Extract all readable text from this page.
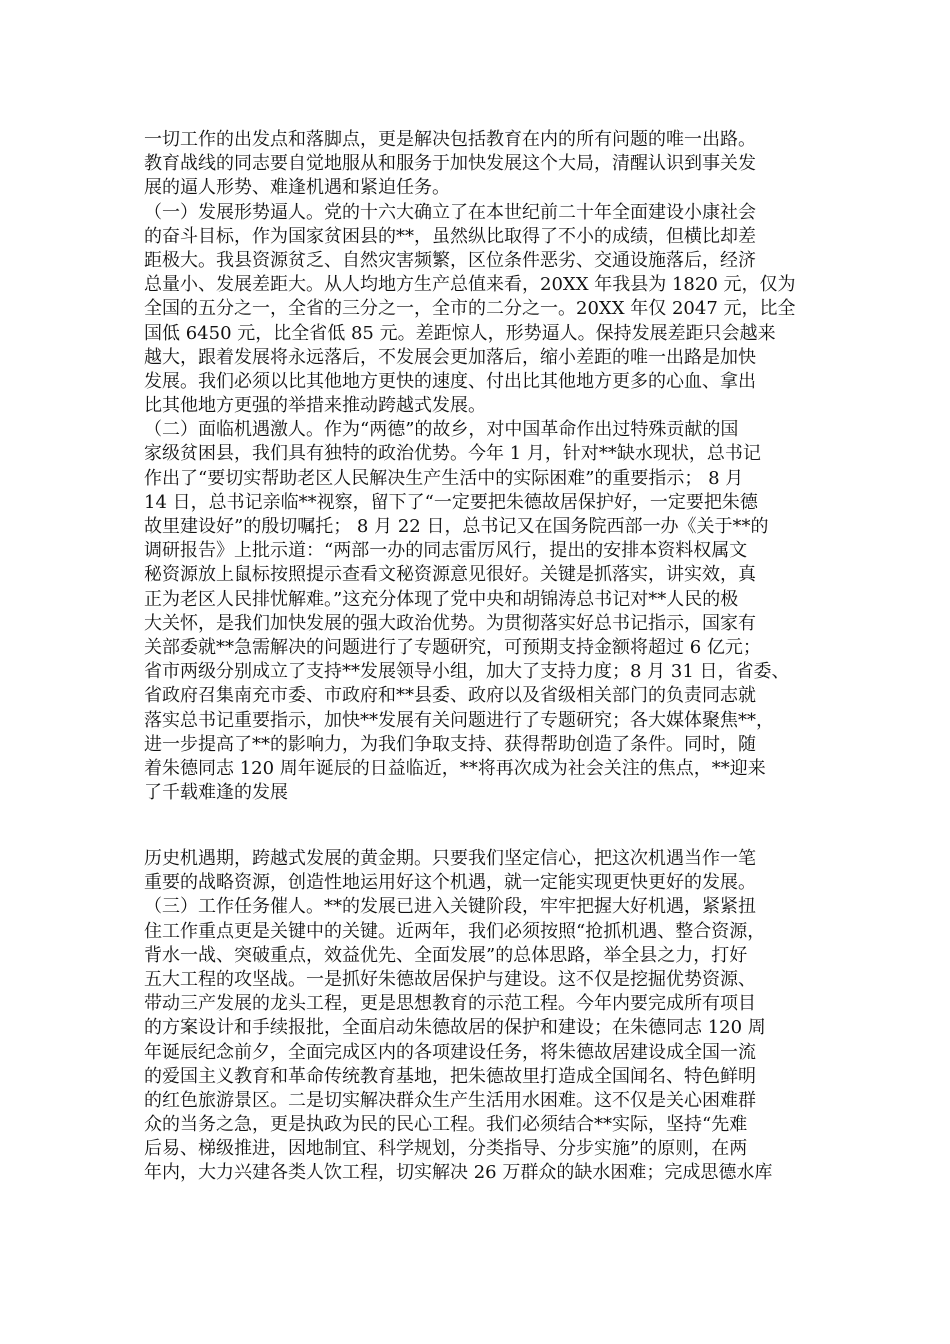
一切工作的出发点和落脚点，更是解决包括教育在内的所有问题的唯一出路。
教育战线的同志要自觉地服从和服务于加快发展这个大局，清醒认识到事关发
展的逼人形势、难逢机遇和紧迫任务。
（一）发展形势逼人。党的十六大确立了在本世纪前二十年全面建设小康社会
的奋斗目标，作为国家贫困县的**，虽然纵比取得了不小的成绩，但横比却差
距极大。我县资源贫乏、自然灾害频繁，区位条件恶劣、交通设施落后，经济
总量小、发展差距大。从人均地方生产总值来看，20XX 年我县为 1820 元，仅为
全国的五分之一，全省的三分之一，全市的二分之一。20XX 年仅 2047 元，比全
国低 6450 元，比全省低 85 元。差距惊人，形势逼人。保持发展差距只会越来
越大，跟着发展将永远落后，不发展会更加落后，缩小差距的唯一出路是加快
发展。我们必须以比其他地方更快的速度、付出比其他地方更多的心血、拿出
比其他地方更强的举措来推动跨越式发展。
（二）面临机遇激人。作为“两德”的故乡，对中国革命作出过特殊贡献的国
家级贫困县，我们具有独特的政治优势。今年 1 月，针对**缺水现状，总书记
作出了“要切实帮助老区人民解决生产生活中的实际困难”的重要指示； 8 月
14 日，总书记亲临**视察，留下了“一定要把朱德故居保护好，一定要把朱德
故里建设好”的殷切嘱托； 8 月 22 日，总书记又在国务院西部一办《关于**的
调研报告》上批示道：“两部一办的同志雷厉风行，提出的安排本资料权属文
秘资源放上鼠标按照提示查看文秘资源意见很好。关键是抓落实，讲实效，真
正为老区人民排忧解难。”这充分体现了党中央和胡锦涛总书记对**人民的极
大关怀，是我们加快发展的强大政治优势。为贯彻落实好总书记指示，国家有
关部委就**急需解决的问题进行了专题研究，可预期支持金额将超过 6 亿元；
省市两级分别成立了支持**发展领导小组，加大了支持力度；8 月 31 日，省委、
省政府召集南充市委、市政府和**县委、政府以及省级相关部门的负责同志就
落实总书记重要指示，加快**发展有关问题进行了专题研究；各大媒体聚焦**，
进一步提高了**的影响力，为我们争取支持、获得帮助创造了条件。同时，随
着朱德同志 120 周年诞辰的日益临近，**将再次成为社会关注的焦点，**迎来
了千载难逢的发展
历史机遇期，跨越式发展的黄金期。只要我们坚定信心，把这次机遇当作一笔
重要的战略资源，创造性地运用好这个机遇，就一定能实现更快更好的发展。
（三）工作任务催人。**的发展已进入关键阶段，牢牢把握大好机遇，紧紧扭
住工作重点更是关键中的关键。近两年，我们必须按照“抢抓机遇、整合资源，
背水一战、突破重点，效益优先、全面发展”的总体思路，举全县之力，打好
五大工程的攻坚战。一是抓好朱德故居保护与建设。这不仅是挖掘优势资源、
带动三产发展的龙头工程，更是思想教育的示范工程。今年内要完成所有项目
的方案设计和手续报批，全面启动朱德故居的保护和建设；在朱德同志 120 周
年诞辰纪念前夕，全面完成区内的各项建设任务，将朱德故居建设成全国一流
的爱国主义教育和革命传统教育基地，把朱德故里打造成全国闻名、特色鲜明
的红色旅游景区。二是切实解决群众生产生活用水困难。这不仅是关心困难群
众的当务之急，更是执政为民的民心工程。我们必须结合**实际，坚持“先难
后易、梯级推进，因地制宜、科学规划，分类指导、分步实施”的原则，在两
年内，大力兴建各类人饮工程，切实解决 26 万群众的缺水困难；完成思德水库
